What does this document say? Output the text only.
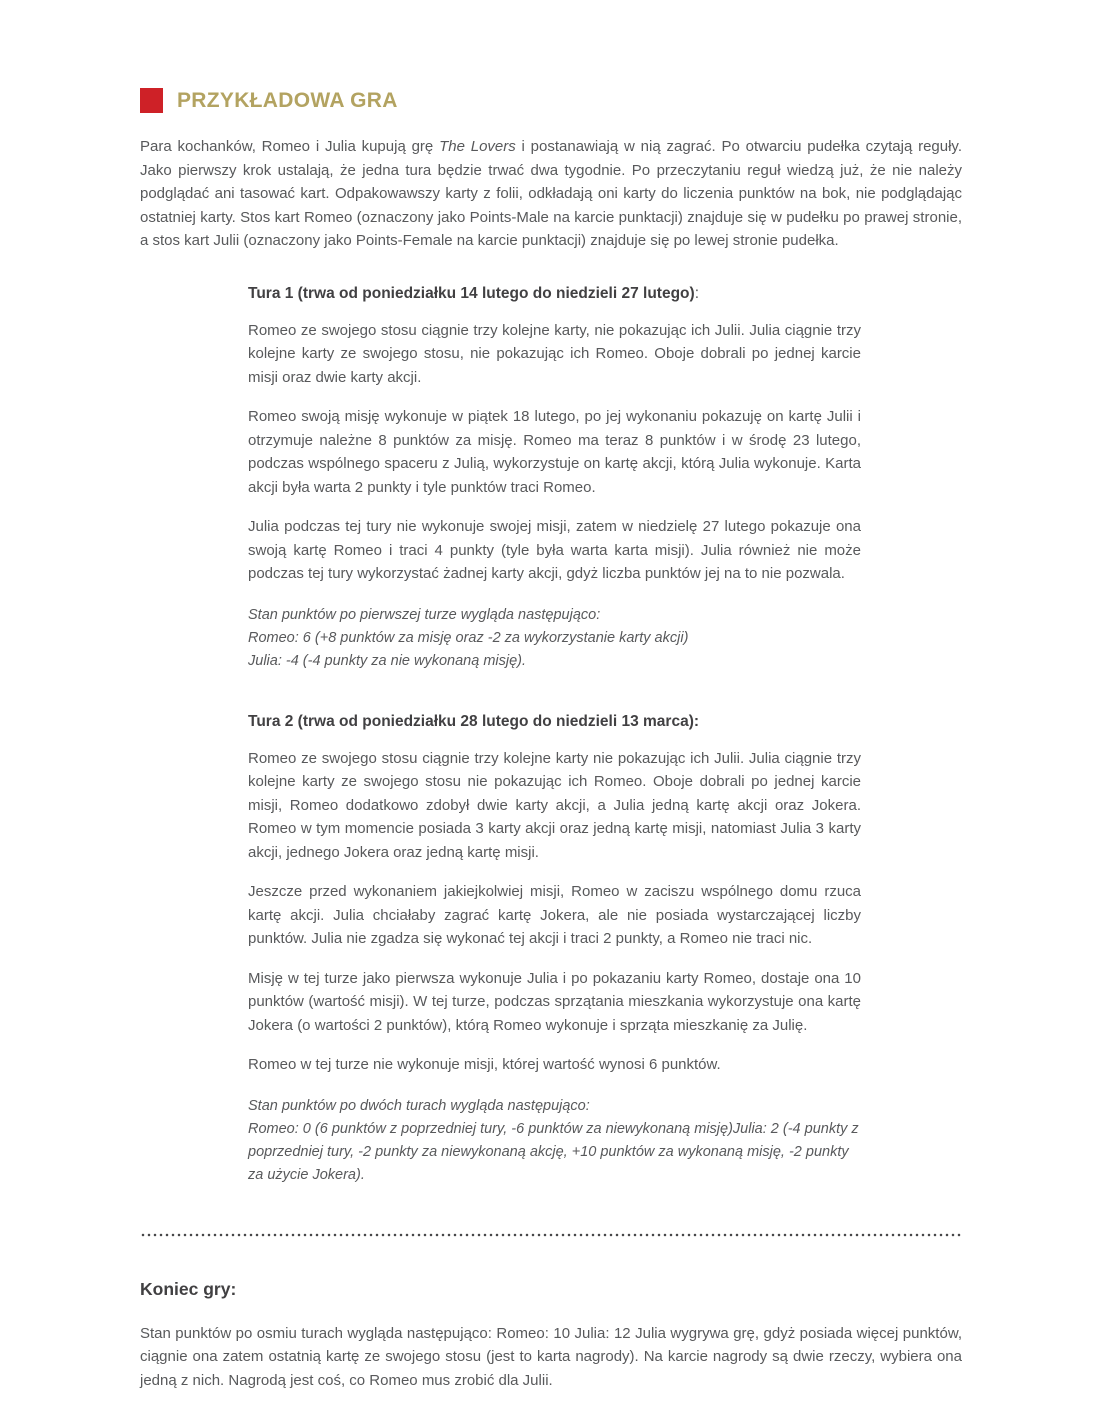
PRZYKŁADOWA GRA

Para kochanków, Romeo i Julia kupują grę The Lovers i postanawiają w nią zagrać. Po otwarciu pudełka czytają reguły. Jako pierwszy krok ustalają, że jedna tura będzie trwać dwa tygodnie. Po przeczytaniu reguł wiedzą już, że nie należy podglądać ani tasować kart. Odpakowawszy karty z folii, odkładają oni karty do liczenia punktów na bok, nie podglądając ostatniej karty. Stos kart Romeo (oznaczony jako Points-Male na karcie punktacji) znajduje się w pudełku po prawej stronie, a stos kart Julii (oznaczony jako Points-Female na karcie punktacji) znajduje się po lewej stronie pudełka.

Tura 1 (trwa od poniedziałku 14 lutego do niedzieli 27 lutego):

Romeo ze swojego stosu ciągnie trzy kolejne karty, nie pokazując ich Julii. Julia ciągnie trzy kolejne karty ze swojego stosu, nie pokazując ich Romeo. Oboje dobrali po jednej karcie misji oraz dwie karty akcji.

Romeo swoją misję wykonuje w piątek 18 lutego, po jej wykonaniu pokazuję on kartę Julii i otrzymuje należne 8 punktów za misję. Romeo ma teraz 8 punktów i w środę 23 lutego, podczas wspólnego spaceru z Julią, wykorzystuje on kartę akcji, którą Julia wykonuje. Karta akcji była warta 2 punkty i tyle punktów traci Romeo.

Julia podczas tej tury nie wykonuje swojej misji, zatem w niedzielę 27 lutego pokazuje ona swoją kartę Romeo i traci 4 punkty (tyle była warta karta misji). Julia również nie może podczas tej tury wykorzystać żadnej karty akcji, gdyż liczba punktów jej na to nie pozwala.

Stan punktów po pierwszej turze wygląda następująco:
Romeo: 6 (+8 punktów za misję oraz -2 za wykorzystanie karty akcji)
Julia: -4 (-4 punkty za nie wykonaną misję).
Tura 2 (trwa od poniedziałku 28 lutego do niedzieli 13 marca):

Romeo ze swojego stosu ciągnie trzy kolejne karty nie pokazując ich Julii. Julia ciągnie trzy kolejne karty ze swojego stosu nie pokazując ich Romeo. Oboje dobrali po jednej karcie misji, Romeo dodatkowo zdobył dwie karty akcji, a Julia jedną kartę akcji oraz Jokera. Romeo w tym momencie posiada 3 karty akcji oraz jedną kartę misji, natomiast Julia 3 karty akcji, jednego Jokera oraz jedną kartę misji.

Jeszcze przed wykonaniem jakiejkolwiej misji, Romeo w zaciszu wspólnego domu rzuca kartę akcji. Julia chciałaby zagrać kartę Jokera, ale nie posiada wystarczającej liczby punktów. Julia nie zgadza się wykonać tej akcji i traci 2 punkty, a Romeo nie traci nic.

Misję w tej turze jako pierwsza wykonuje Julia i po pokazaniu karty Romeo, dostaje ona 10 punktów (wartość misji). W tej turze, podczas sprzątania mieszkania wykorzystuje ona kartę Jokera (o wartości 2 punktów), którą Romeo wykonuje i sprząta mieszkanię za Julię.

Romeo w tej turze nie wykonuje misji, której wartość wynosi 6 punktów.

Stan punktów po dwóch turach wygląda następująco:
Romeo: 0 (6 punktów z poprzedniej tury, -6 punktów za niewykonaną misję)Julia: 2 (-4 punkty z poprzedniej tury, -2 punkty za niewykonaną akcję, +10 punktów za wykonaną misję, -2 punkty za użycie Jokera).
Koniec gry:

Stan punktów po osmiu turach wygląda następująco: Romeo: 10 Julia: 12 Julia wygrywa grę, gdyż posiada więcej punktów, ciągnie ona zatem ostatnią kartę ze swojego stosu (jest to karta nagrody). Na karcie nagrody są dwie rzeczy, wybiera ona jedną z nich. Nagrodą jest coś, co Romeo mus zrobić dla Julii.
